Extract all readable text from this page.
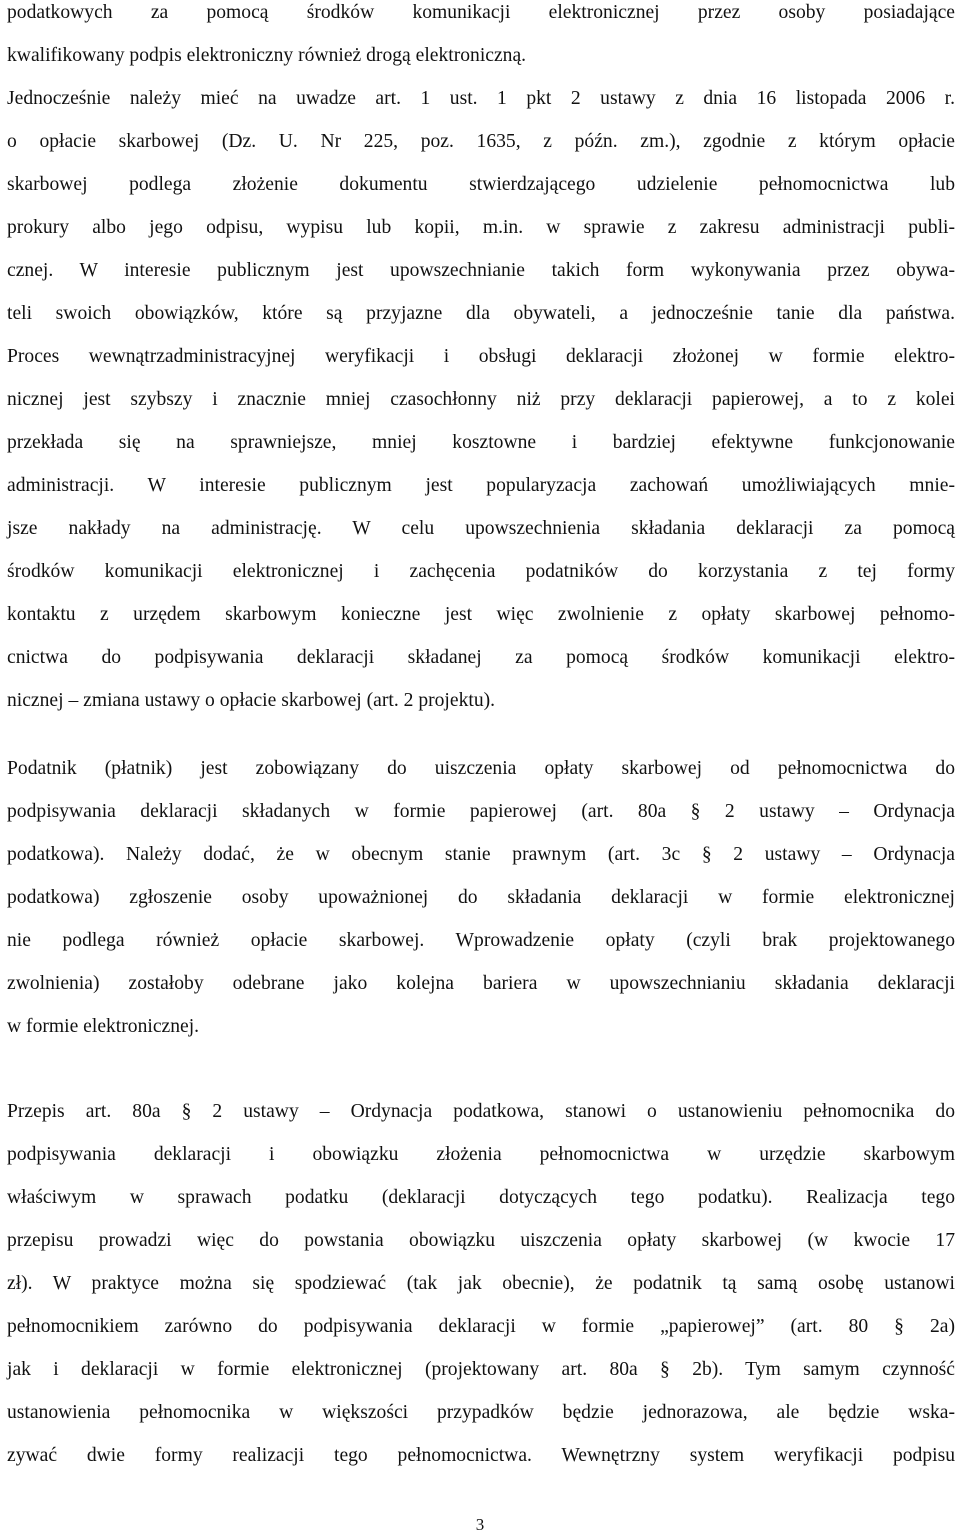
podatkowych za pomocą środków komunikacji elektronicznej przez osoby posiadające
kwalifikowany podpis elektroniczny również drogą elektroniczną.
Jednocześnie należy mieć na uwadze art. 1 ust. 1 pkt 2 ustawy z dnia 16 listopada 2006 r.
o opłacie skarbowej (Dz. U. Nr 225, poz. 1635, z późn. zm.), zgodnie z którym opłacie
skarbowej podlega złożenie dokumentu stwierdzającego udzielenie pełnomocnictwa lub
prokury albo jego odpisu, wypisu lub kopii, m.in. w sprawie z zakresu administracji publi-
cznej. W interesie publicznym jest upowszechnianie takich form wykonywania przez obywa-
teli swoich obowiązków, które są przyjazne dla obywateli, a jednocześnie tanie dla państwa.
Proces wewnątrzadministracyjnej weryfikacji i obsługi deklaracji złożonej w formie elektro-
nicznej jest szybszy i znacznie mniej czasochłonny niż przy deklaracji papierowej, a to z kolei
przekłada się na sprawniejsze, mniej kosztowne i bardziej efektywne funkcjonowanie
administracji. W interesie publicznym jest popularyzacja zachowań umożliwiających mnie-
jsze nakłady na administrację. W celu upowszechnienia składania deklaracji za pomocą
środków komunikacji elektronicznej i zachęcenia podatników do korzystania z tej formy
kontaktu z urzędem skarbowym konieczne jest więc zwolnienie z opłaty skarbowej pełnomo-
cnictwa do podpisywania deklaracji składanej za pomocą środków komunikacji elektro-
nicznej – zmiana ustawy o opłacie skarbowej (art. 2 projektu).
Podatnik (płatnik) jest zobowiązany do uiszczenia opłaty skarbowej od pełnomocnictwa do
podpisywania deklaracji składanych w formie papierowej (art. 80a § 2 ustawy – Ordynacja
podatkowa). Należy dodać, że w obecnym stanie prawnym (art. 3c § 2 ustawy – Ordynacja
podatkowa) zgłoszenie osoby upoważnionej do składania deklaracji w formie elektronicznej
nie podlega również opłacie skarbowej. Wprowadzenie opłaty (czyli brak projektowanego
zwolnienia) zostałoby odebrane jako kolejna bariera w upowszechnianiu składania deklaracji
w formie elektronicznej.
Przepis art. 80a § 2 ustawy – Ordynacja podatkowa, stanowi o ustanowieniu pełnomocnika do
podpisywania deklaracji i obowiązku złożenia pełnomocnictwa w urzędzie skarbowym
właściwym w sprawach podatku (deklaracji dotyczących tego podatku). Realizacja tego
przepisu prowadzi więc do powstania obowiązku uiszczenia opłaty skarbowej (w kwocie 17
zł). W praktyce można się spodziewać (tak jak obecnie), że podatnik tą samą osobę ustanowi
pełnomocnikiem zarówno do podpisywania deklaracji w formie „papierowej” (art. 80 § 2a)
jak i deklaracji w formie elektronicznej (projektowany art. 80a § 2b). Tym samym czynność
ustanowienia pełnomocnika w większości przypadków będzie jednorazowa, ale będzie wska-
zywać dwie formy realizacji tego pełnomocnictwa. Wewnętrzny system weryfikacji podpisu
3
